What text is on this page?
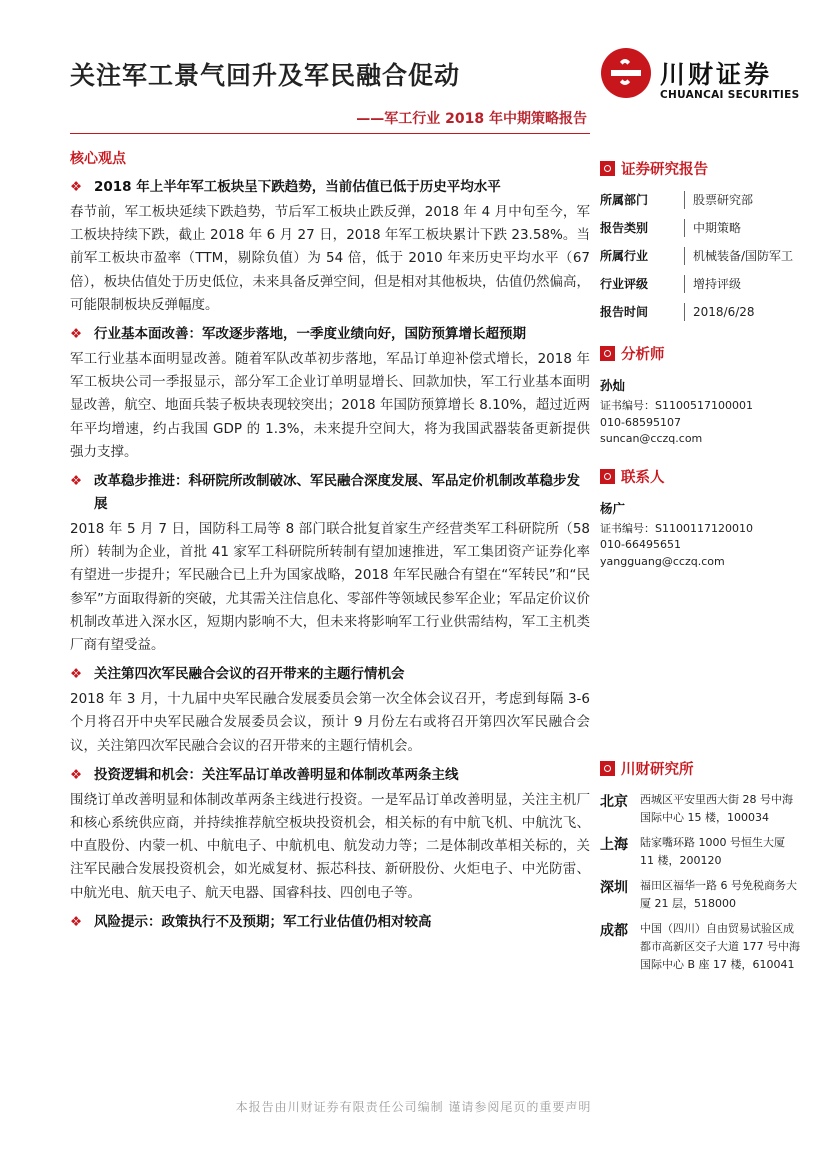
关注军工景气回升及军民融合促动
——军工行业 2018 年中期策略报告
川财证券
CHUANCAI SECURITIES
核心观点
❖ 2018 年上半年军工板块呈下跌趋势，当前估值已低于历史平均水平

春节前，军工板块延续下跌趋势，节后军工板块止跌反弹，2018 年 4 月中旬至今，军工板块持续下跌，截止 2018 年 6 月 27 日，2018 年军工板块累计下跌 23.58%。当前军工板块市盈率（TTM，剔除负值）为 54 倍，低于 2010 年来历史平均水平（67 倍），板块估值处于历史低位，未来具备反弹空间，但是相对其他板块，估值仍然偏高，可能限制板块反弹幅度。

❖ 行业基本面改善：军改逐步落地，一季度业绩向好，国防预算增长超预期

军工行业基本面明显改善。随着军队改革初步落地，军品订单迎补偿式增长，2018 年军工板块公司一季报显示，部分军工企业订单明显增长、回款加快，军工行业基本面明显改善，航空、地面兵装子板块表现较突出；2018 年国防预算增长 8.10%，超过近两年平均增速，约占我国 GDP 的 1.3%，未来提升空间大，将为我国武器装备更新提供强力支撑。

❖ 改革稳步推进：科研院所改制破冰、军民融合深度发展、军品定价机制改革稳步发展

2018 年 5 月 7 日，国防科工局等 8 部门联合批复首家生产经营类军工科研院所（58 所）转制为企业，首批 41 家军工科研院所转制有望加速推进，军工集团资产证券化率有望进一步提升；军民融合已上升为国家战略，2018 年军民融合有望在“军转民”和“民参军”方面取得新的突破，尤其需关注信息化、零部件等领域民参军企业；军品定价议价机制改革进入深水区，短期内影响不大，但未来将影响军工行业供需结构，军工主机类厂商有望受益。

❖ 关注第四次军民融合会议的召开带来的主题行情机会

2018 年 3 月，十九届中央军民融合发展委员会第一次全体会议召开，考虑到每隔 3-6 个月将召开中央军民融合发展委员会议，预计 9 月份左右或将召开第四次军民融合会议，关注第四次军民融合会议的召开带来的主题行情机会。

❖ 投资逻辑和机会：关注军品订单改善明显和体制改革两条主线

围绕订单改善明显和体制改革两条主线进行投资。一是军品订单改善明显，关注主机厂和核心系统供应商，并持续推荐航空板块投资机会，相关标的有中航飞机、中航沈飞、中直股份、内蒙一机、中航电子、中航机电、航发动力等；二是体制改革相关标的，关注军民融合发展投资机会，如光威复材、振芯科技、新研股份、火炬电子、中光防雷、中航光电、航天电子、航天电器、国睿科技、四创电子等。

❖ 风险提示：政策执行不及预期；军工行业估值仍相对较高
证券研究报告
所属部门	股票研究部
报告类别	中期策略
所属行业	机械装备/国防军工
行业评级	增持评级
报告时间	2018/6/28
分析师
孙灿
证书编号：S1100517100001
010-68595107
suncan@cczq.com
联系人
杨广
证书编号：S1100117120010
010-66495651
yangguang@cczq.com
川财研究所
北京	西城区平安里西大街 28 号中海国际中心 15 楼，100034
上海	陆家嘴环路 1000 号恒生大厦 11 楼，200120
深圳	福田区福华一路 6 号免税商务大厦 21 层，518000
成都	中国（四川）自由贸易试验区成都市高新区交子大道 177 号中海国际中心 B 座 17 楼，610041
本报告由川财证券有限责任公司编制 谨请参阅尾页的重要声明
